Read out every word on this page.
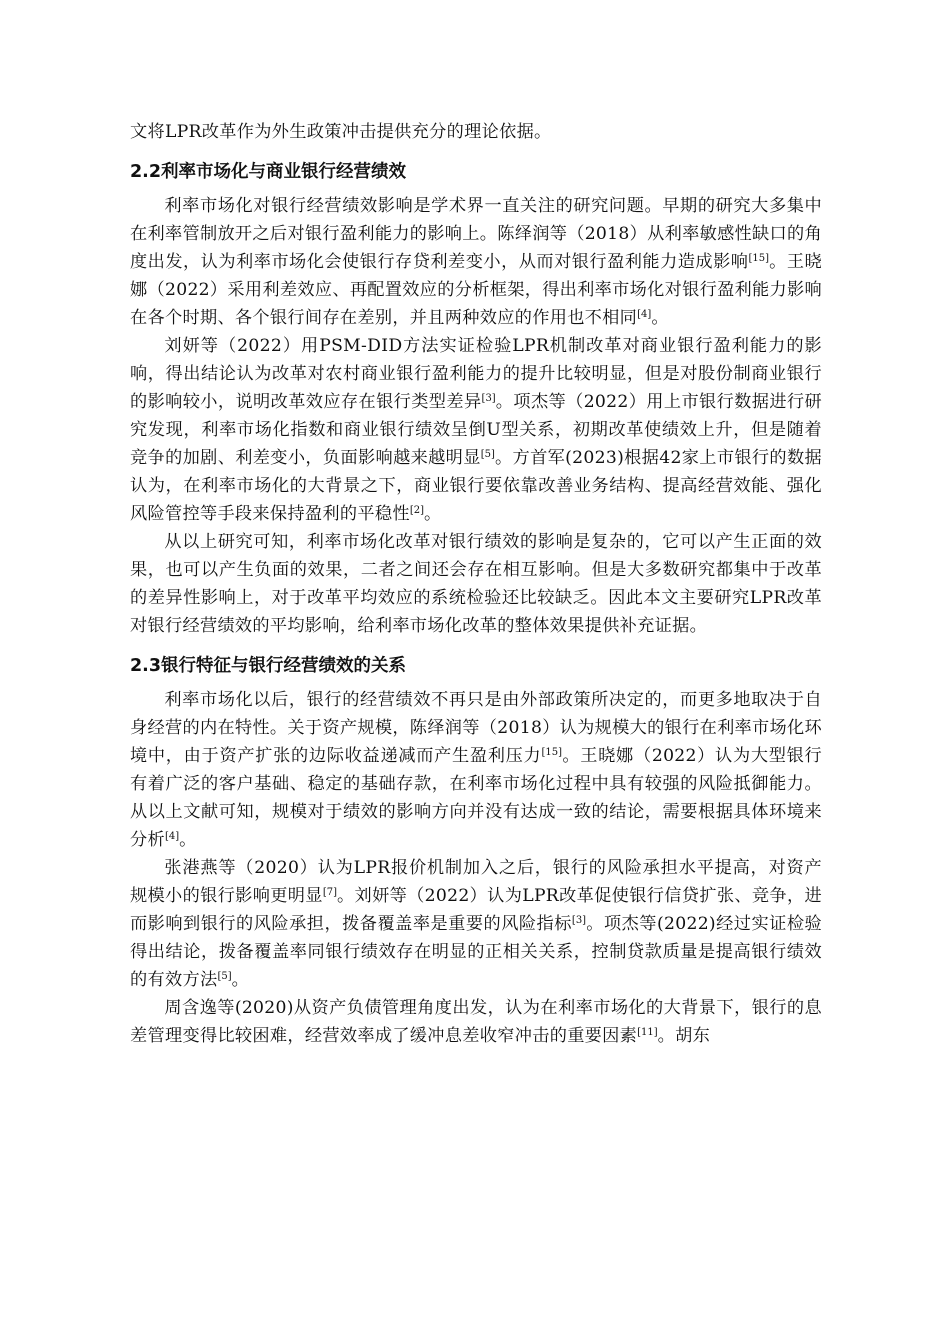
文将LPR改革作为外生政策冲击提供充分的理论依据。

2.2利率市场化与商业银行经营绩效

利率市场化对银行经营绩效影响是学术界一直关注的研究问题。早期的研究大多集中在利率管制放开之后对银行盈利能力的影响上。陈绎润等（2018）从利率敏感性缺口的角度出发，认为利率市场化会使银行存贷利差变小，从而对银行盈利能力造成影响[15]。王晓娜（2022）采用利差效应、再配置效应的分析框架，得出利率市场化对银行盈利能力影响在各个时期、各个银行间存在差别，并且两种效应的作用也不相同[4]。

刘妍等（2022）用PSM-DID方法实证检验LPR机制改革对商业银行盈利能力的影响，得出结论认为改革对农村商业银行盈利能力的提升比较明显，但是对股份制商业银行的影响较小，说明改革效应存在银行类型差异[3]。项杰等（2022）用上市银行数据进行研究发现，利率市场化指数和商业银行绩效呈倒U型关系，初期改革使绩效上升，但是随着竞争的加剧、利差变小，负面影响越来越明显[5]。方首军(2023)根据42家上市银行的数据认为，在利率市场化的大背景之下，商业银行要依靠改善业务结构、提高经营效能、强化风险管控等手段来保持盈利的平稳性[2]。

从以上研究可知，利率市场化改革对银行绩效的影响是复杂的，它可以产生正面的效果，也可以产生负面的效果，二者之间还会存在相互影响。但是大多数研究都集中于改革的差异性影响上，对于改革平均效应的系统检验还比较缺乏。因此本文主要研究LPR改革对银行经营绩效的平均影响，给利率市场化改革的整体效果提供补充证据。

2.3银行特征与银行经营绩效的关系

利率市场化以后，银行的经营绩效不再只是由外部政策所决定的，而更多地取决于自身经营的内在特性。关于资产规模，陈绎润等（2018）认为规模大的银行在利率市场化环境中，由于资产扩张的边际收益递减而产生盈利压力[15]。王晓娜（2022）认为大型银行有着广泛的客户基础、稳定的基础存款，在利率市场化过程中具有较强的风险抵御能力。从以上文献可知，规模对于绩效的影响方向并没有达成一致的结论，需要根据具体环境来分析[4]。

张港燕等（2020）认为LPR报价机制加入之后，银行的风险承担水平提高，对资产规模小的银行影响更明显[7]。刘妍等（2022）认为LPR改革促使银行信贷扩张、竞争，进而影响到银行的风险承担，拨备覆盖率是重要的风险指标[3]。项杰等(2022)经过实证检验得出结论，拨备覆盖率同银行绩效存在明显的正相关关系，控制贷款质量是提高银行绩效的有效方法[5]。

周含逸等(2020)从资产负债管理角度出发，认为在利率市场化的大背景下，银行的息差管理变得比较困难，经营效率成了缓冲息差收窄冲击的重要因素[11]。胡东
